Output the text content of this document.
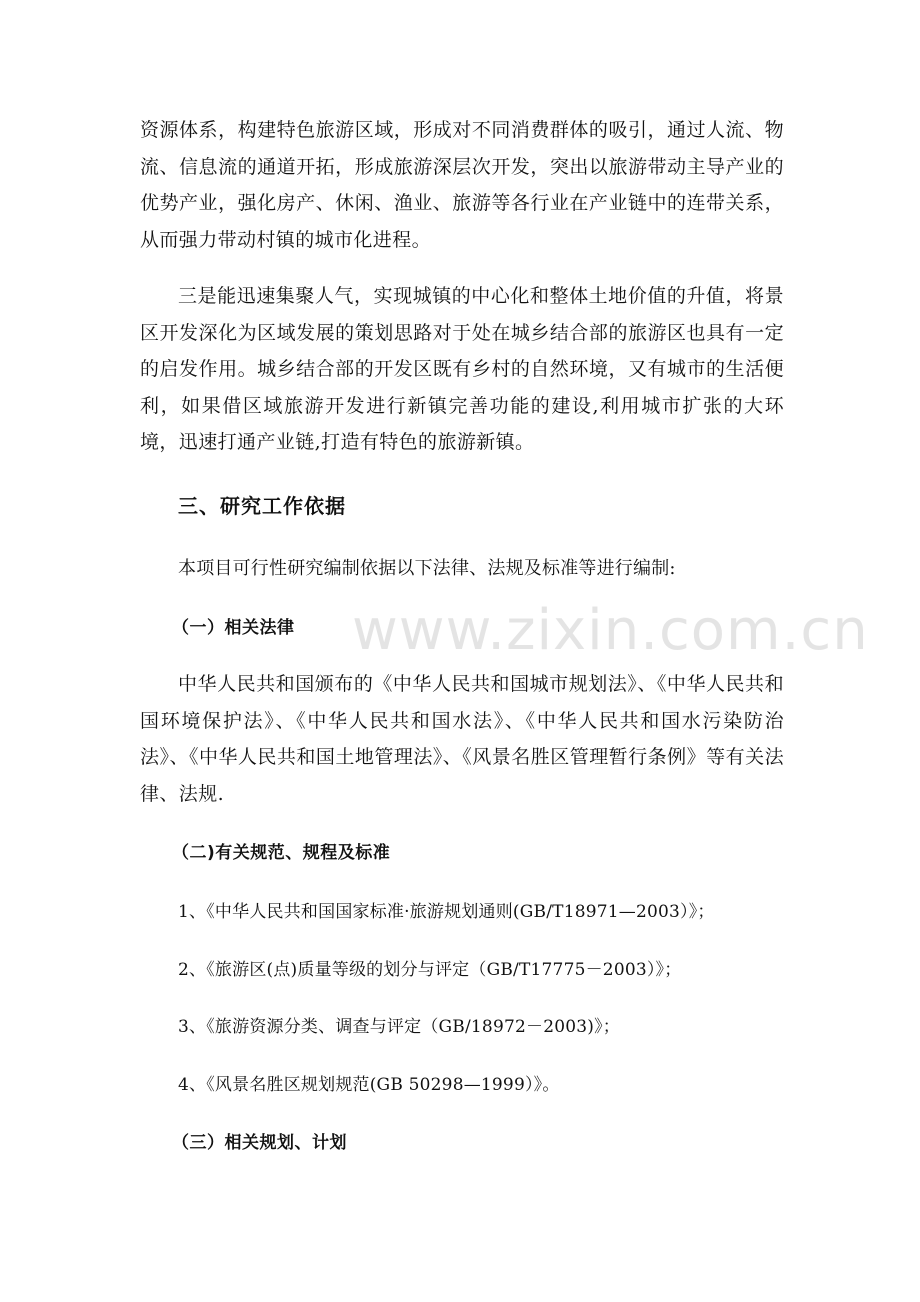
资源体系，构建特色旅游区域，形成对不同消费群体的吸引，通过人流、物流、信息流的通道开拓，形成旅游深层次开发，突出以旅游带动主导产业的优势产业，强化房产、休闲、渔业、旅游等各行业在产业链中的连带关系，从而强力带动村镇的城市化进程。

三是能迅速集聚人气，实现城镇的中心化和整体土地价值的升值，将景区开发深化为区域发展的策划思路对于处在城乡结合部的旅游区也具有一定的启发作用。城乡结合部的开发区既有乡村的自然环境，又有城市的生活便利，如果借区域旅游开发进行新镇完善功能的建设,利用城市扩张的大环境，迅速打通产业链,打造有特色的旅游新镇。

三、研究工作依据

本项目可行性研究编制依据以下法律、法规及标准等进行编制:

（一）相关法律

中华人民共和国颁布的《中华人民共和国城市规划法》、《中华人民共和国环境保护法》、《中华人民共和国水法》、《中华人民共和国水污染防治法》、《中华人民共和国土地管理法》、《风景名胜区管理暂行条例》等有关法律、法规.

（二)有关规范、规程及标准

1、《中华人民共和国国家标准·旅游规划通则(GB/T18971—2003）》；

2、《旅游区(点)质量等级的划分与评定（GB/T17775－2003）》；

3、《旅游资源分类、调查与评定（GB/18972－2003)》；

4、《风景名胜区规划规范(GB 50298—1999）》。

（三）相关规划、计划
www.zixin.com.cn
